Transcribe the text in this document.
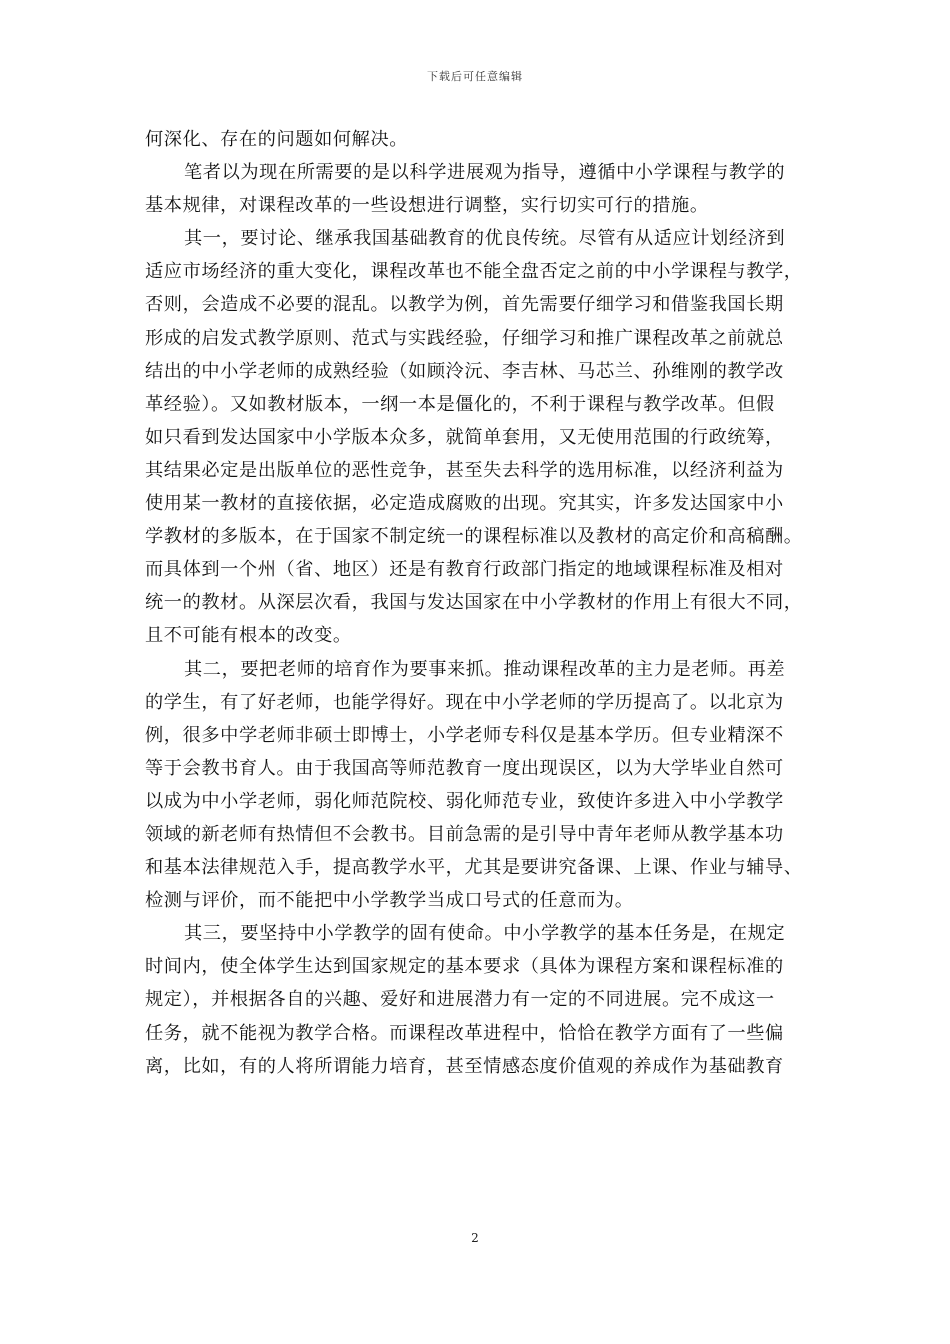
下载后可任意编辑
何深化、存在的问题如何解决。
笔者以为现在所需要的是以科学进展观为指导，遵循中小学课程与教学的
基本规律，对课程改革的一些设想进行调整，实行切实可行的措施。
其一，要讨论、继承我国基础教育的优良传统。尽管有从适应计划经济到
适应市场经济的重大变化，课程改革也不能全盘否定之前的中小学课程与教学，
否则，会造成不必要的混乱。以教学为例，首先需要仔细学习和借鉴我国长期
形成的启发式教学原则、范式与实践经验，仔细学习和推广课程改革之前就总
结出的中小学老师的成熟经验（如顾泠沅、李吉林、马芯兰、孙维刚的教学改
革经验）。又如教材版本，一纲一本是僵化的，不利于课程与教学改革。但假
如只看到发达国家中小学版本众多，就简单套用，又无使用范围的行政统筹，
其结果必定是出版单位的恶性竞争，甚至失去科学的选用标准，以经济利益为
使用某一教材的直接依据，必定造成腐败的出现。究其实，许多发达国家中小
学教材的多版本，在于国家不制定统一的课程标准以及教材的高定价和高稿酬。
而具体到一个州（省、地区）还是有教育行政部门指定的地域课程标准及相对
统一的教材。从深层次看，我国与发达国家在中小学教材的作用上有很大不同，
且不可能有根本的改变。
其二，要把老师的培育作为要事来抓。推动课程改革的主力是老师。再差
的学生，有了好老师，也能学得好。现在中小学老师的学历提高了。以北京为
例，很多中学老师非硕士即博士，小学老师专科仅是基本学历。但专业精深不
等于会教书育人。由于我国高等师范教育一度出现误区，以为大学毕业自然可
以成为中小学老师，弱化师范院校、弱化师范专业，致使许多进入中小学教学
领域的新老师有热情但不会教书。目前急需的是引导中青年老师从教学基本功
和基本法律规范入手，提高教学水平，尤其是要讲究备课、上课、作业与辅导、
检测与评价，而不能把中小学教学当成口号式的任意而为。
其三，要坚持中小学教学的固有使命。中小学教学的基本任务是，在规定
时间内，使全体学生达到国家规定的基本要求（具体为课程方案和课程标准的
规定），并根据各自的兴趣、爱好和进展潜力有一定的不同进展。完不成这一
任务，就不能视为教学合格。而课程改革进程中，恰恰在教学方面有了一些偏
离，比如，有的人将所谓能力培育，甚至情感态度价值观的养成作为基础教育
2
